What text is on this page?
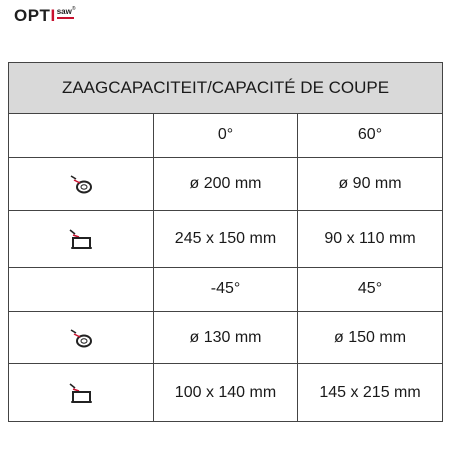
OPTI saw ®
ZAAGCAPACITEIT/CAPACITÉ DE COUPE		
	0°	60°
	ø 200 mm	ø 90 mm
	245 x 150 mm	90 x 110 mm
	-45°	45°
	ø 130 mm	ø 150 mm
	100 x 140 mm	145 x 215 mm
